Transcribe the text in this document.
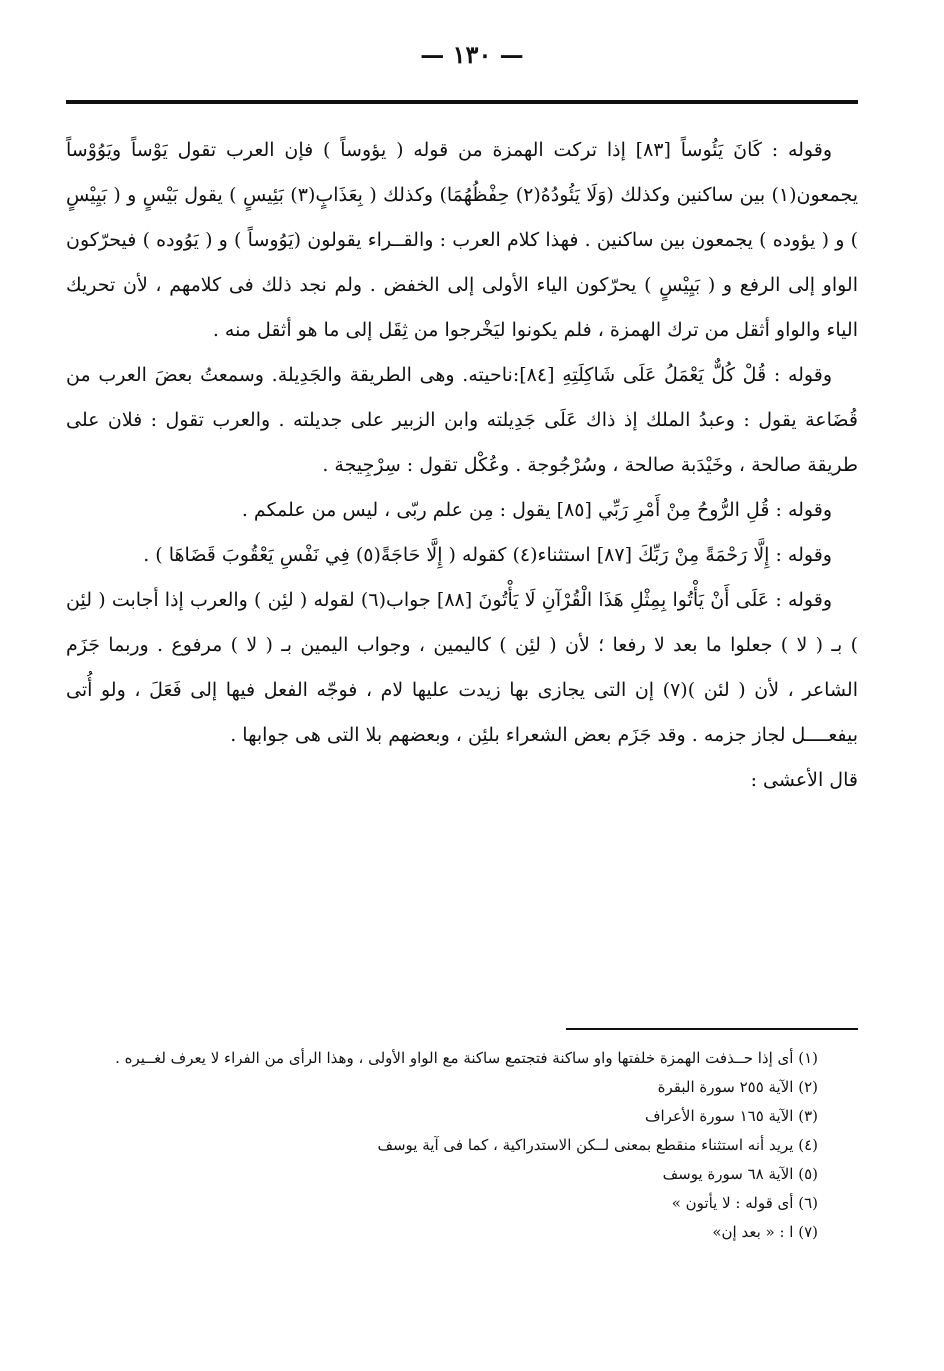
— ١٣٠ —

وقوله : كَانَ يَئُوساً [٨٣] إذا تركت الهمزة من قوله ( يؤوساً ) فإن العرب تقول يَوْساً ويَوُوْساً يجمعون(١) بين ساكنين وكذلك (وَلَا يَئُودُهُ(٢) حِفْظُهُمَا) وكذلك ( بِعَذَابٍ(٣) بَئِيسٍ ) يقول بَيْسٍ و ( بَيِيْسٍ ) و ( يؤوده ) يجمعون بين ساكنين . فهذا كلام العرب : والقــراء يقولون (يَوُوساً ) و ( يَوُوده ) فيحرّكون الواو إلى الرفع و ( بَيِيْسٍ ) يحرّكون الياء الأولى إلى الخفض . ولم نجد ذلك فى كلامهم ، لأن تحريك الياء والواو أثقل من ترك الهمزة ، فلم يكونوا ليَخْرجوا من ثِقَل إلى ما هو أثقل منه .

وقوله : قُلْ كُلٌّ يَعْمَلُ عَلَى شَاكِلَتِهِ [٨٤]:ناحيته. وهى الطريقة والجَدِيلة. وسمعتُ بعضَ العرب من قُضَاعة يقول : وعبدُ الملك إذ ذاك عَلَى جَدِيلته وابن الزبير على جديلته . والعرب تقول : فلان على طريقة صالحة ، وخَيْدَبة صالحة ، وسُرْجُوجة . وعُكْل تقول : سِرْجِيجة .

وقوله : قُلِ الرُّوحُ مِنْ أَمْرِ رَبِّي [٨٥] يقول : مِن علم ربّى ، ليس من علمكم .

وقوله : إِلَّا رَحْمَةً مِنْ رَبِّكَ [٨٧] استثناء(٤) كقوله ( إِلَّا حَاجَةً(٥) فِي نَفْسِ يَعْقُوبَ قَضَاهَا ) .

وقوله : عَلَى أَنْ يَأْتُوا بِمِثْلِ هَذَا الْقُرْآنِ لَا يَأْتُونَ [٨٨] جواب(٦) لقوله ( لئِن ) والعرب إذا أجابت ( لئِن ) بـ ( لا ) جعلوا ما بعد لا رفعا ؛ لأن ( لئِن ) كاليمين ، وجواب اليمين بـ ( لا ) مرفوع . وربما جَزَم الشاعر ، لأن ( لئن )(٧) إن التى يجازى بها زيدت عليها لام ، فوجّه الفعل فيها إلى فَعَلَ ، ولو أُتى بيفعــــل لجاز جزمه . وقد جَزَم بعض الشعراء بلئِن ، وبعضهم بلا التى هى جوابها .

قال الأعشى :

(١) أى إذا حــذفت الهمزة خلفتها واو ساكنة فتجتمع ساكنة مع الواو الأولى ، وهذا الرأى من الفراء لا يعرف لغــيره .

(٢) الآية ٢٥٥ سورة البقرة

(٣) الآية ١٦٥ سورة الأعراف

(٤) يريد أنه استثناء منقطع بمعنى لــكن الاستدراكية ، كما فى آية يوسف

(٥) الآية ٦٨ سورة يوسف

(٦) أى قوله : لا يأتون »

(٧) ا : « بعد إن»
